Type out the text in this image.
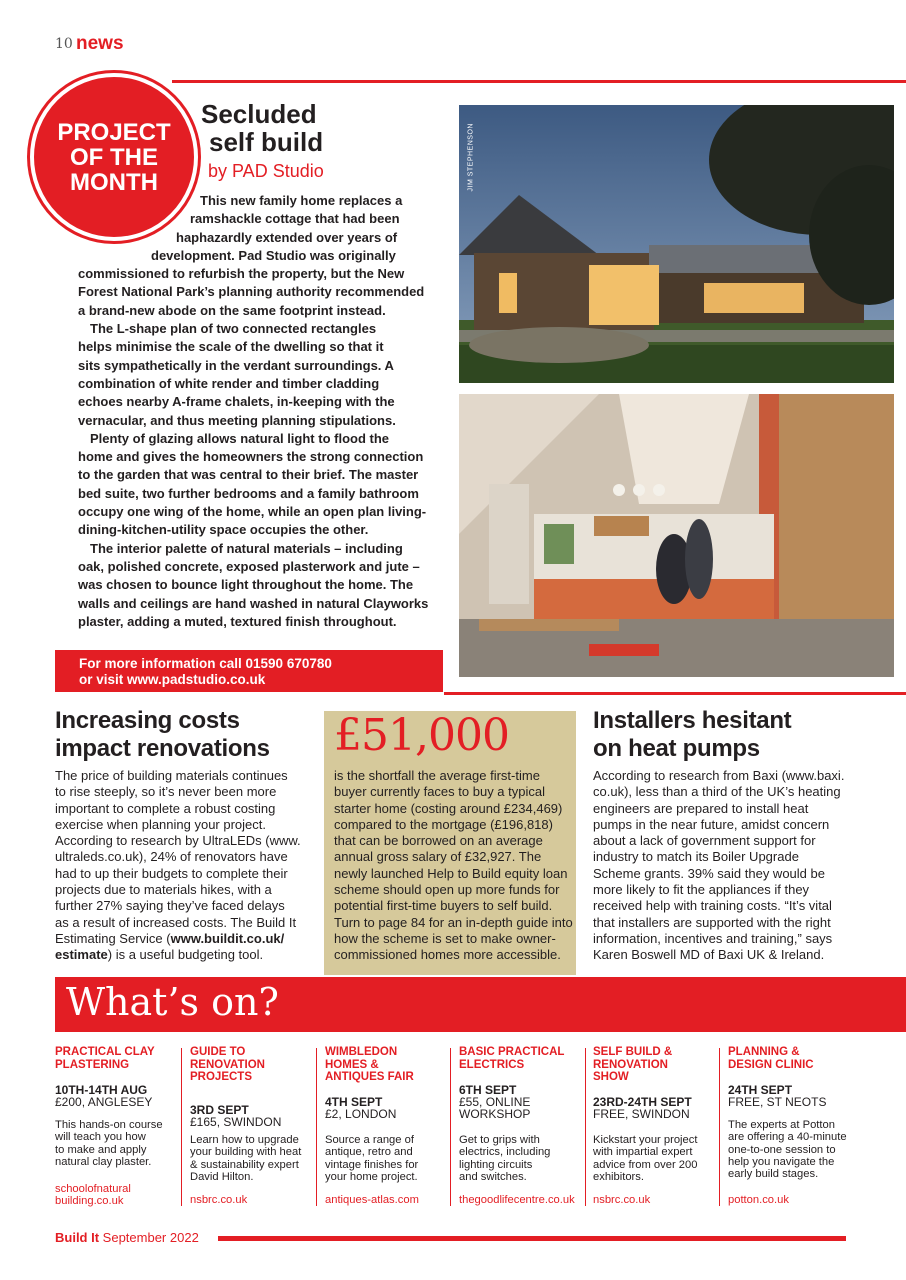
10 news
PROJECT
OF THE
MONTH
Secluded
self build
by PAD Studio
This new family home replaces a
ramshackle cottage that had been
haphazardly extended over years of
development. Pad Studio was originally
commissioned to refurbish the property, but the New
Forest National Park’s planning authority recommended
a brand-new abode on the same footprint instead.
The L-shape plan of two connected rectangles
helps minimise the scale of the dwelling so that it
sits sympathetically in the verdant surroundings. A
combination of white render and timber cladding
echoes nearby A-frame chalets, in-keeping with the
vernacular, and thus meeting planning stipulations.
Plenty of glazing allows natural light to flood the
home and gives the homeowners the strong connection
to the garden that was central to their brief. The master
bed suite, two further bedrooms and a family bathroom
occupy one wing of the home, while an open plan living-
dining-kitchen-utility space occupies the other.
The interior palette of natural materials – including
oak, polished concrete, exposed plasterwork and jute –
was chosen to bounce light throughout the home. The
walls and ceilings are hand washed in natural Clayworks
plaster, adding a muted, textured finish throughout.
JIM STEPHENSON
For more information call 01590 670780
or visit www.padstudio.co.uk
Increasing costs
impact renovations
The price of building materials continues
to rise steeply, so it’s never been more
important to complete a robust costing
exercise when planning your project.
According to research by UltraLEDs (www.
ultraleds.co.uk), 24% of renovators have
had to up their budgets to complete their
projects due to materials hikes, with a
further 27% saying they’ve faced delays
as a result of increased costs. The Build It
Estimating Service (www.buildit.co.uk/
estimate) is a useful budgeting tool.
£51,000
is the shortfall the average first-time
buyer currently faces to buy a typical
starter home (costing around £234,469)
compared to the mortgage (£196,818)
that can be borrowed on an average
annual gross salary of £32,927. The
newly launched Help to Build equity loan
scheme should open up more funds for
potential first-time buyers to self build.
Turn to page 84 for an in-depth guide into
how the scheme is set to make owner-
commissioned homes more accessible.
Installers hesitant
on heat pumps
According to research from Baxi (www.baxi.
co.uk), less than a third of the UK’s heating
engineers are prepared to install heat
pumps in the near future, amidst concern
about a lack of government support for
industry to match its Boiler Upgrade
Scheme grants. 39% said they would be
more likely to fit the appliances if they
received help with training costs. “It’s vital
that installers are supported with the right
information, incentives and training,” says
Karen Boswell MD of Baxi UK & Ireland.
What’s on?
PRACTICAL CLAY
PLASTERING
10TH-14TH AUG
£200, ANGLESEY
This hands-on course
will teach you how
to make and apply
natural clay plaster.
schoolofnatural
building.co.uk
GUIDE TO
RENOVATION
PROJECTS
3RD SEPT
£165, SWINDON
Learn how to upgrade
your building with heat
& sustainability expert
David Hilton.
nsbrc.co.uk
WIMBLEDON
HOMES &
ANTIQUES FAIR
4TH SEPT
£2, LONDON
Source a range of
antique, retro and
vintage finishes for
your home project.
antiques-atlas.com
BASIC PRACTICAL
ELECTRICS
6TH SEPT
£55, ONLINE
WORKSHOP
Get to grips with
electrics, including
lighting circuits
and switches.
thegoodlifecentre.co.uk
SELF BUILD &
RENOVATION
SHOW
23RD-24TH SEPT
FREE, SWINDON
Kickstart your project
with impartial expert
advice from over 200
exhibitors.
nsbrc.co.uk
PLANNING &
DESIGN CLINIC
24TH SEPT
FREE, ST NEOTS
The experts at Potton
are offering a 40-minute
one-to-one session to
help you navigate the
early build stages.
potton.co.uk
Build It September 2022
